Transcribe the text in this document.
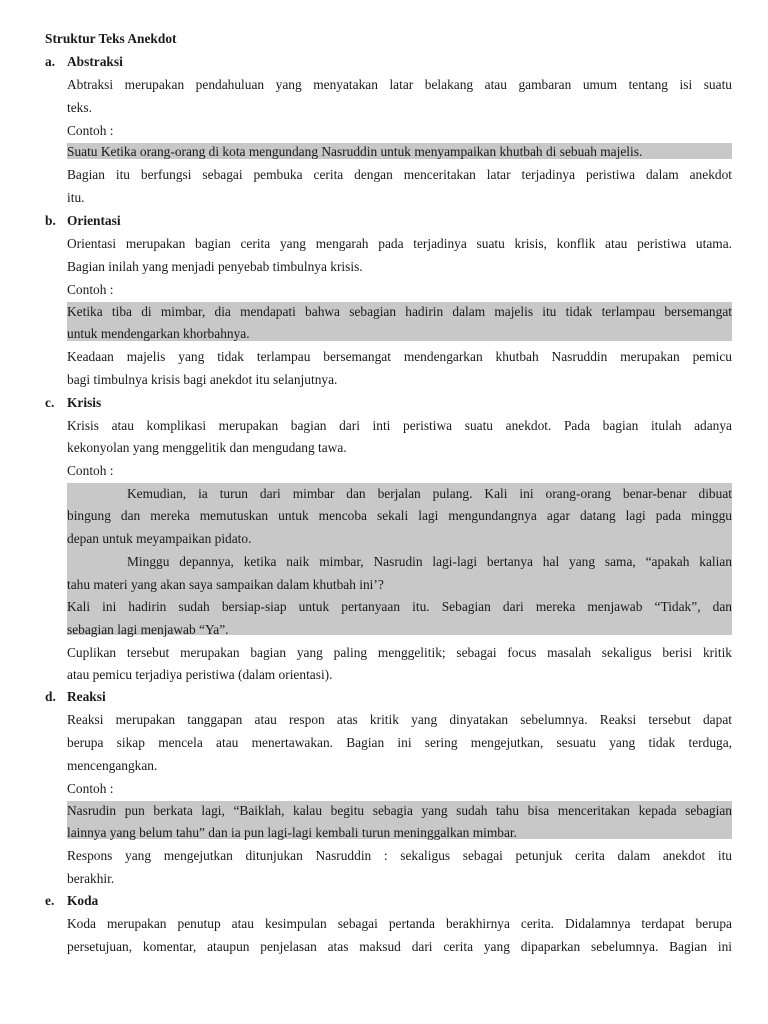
Struktur Teks Anekdot
a. Abstraksi
Abtraksi merupakan pendahuluan yang menyatakan latar belakang atau gambaran umum tentang isi suatu
teks.
Contoh :
Suatu Ketika orang-orang di kota mengundang Nasruddin untuk menyampaikan khutbah di sebuah majelis.
Bagian itu berfungsi sebagai pembuka cerita dengan menceritakan latar terjadinya peristiwa dalam anekdot
itu.
b. Orientasi
Orientasi merupakan bagian cerita yang mengarah pada terjadinya suatu krisis, konflik atau peristiwa utama.
Bagian inilah yang menjadi penyebab timbulnya krisis.
Contoh :
Ketika tiba di mimbar, dia mendapati bahwa sebagian hadirin dalam majelis itu tidak terlampau bersemangat
untuk mendengarkan khorbahnya.
Keadaan majelis yang tidak terlampau bersemangat mendengarkan khutbah Nasruddin merupakan pemicu
bagi timbulnya krisis bagi anekdot itu selanjutnya.
c. Krisis
Krisis atau komplikasi merupakan bagian dari inti peristiwa suatu anekdot. Pada bagian itulah adanya
kekonyolan yang menggelitik dan mengudang tawa.
Contoh :
Kemudian, ia turun dari mimbar dan berjalan pulang. Kali ini orang-orang benar-benar dibuat
bingung dan mereka memutuskan untuk mencoba sekali lagi mengundangnya agar datang lagi pada minggu
depan untuk meyampaikan pidato.
Minggu depannya, ketika naik mimbar, Nasrudin lagi-lagi bertanya hal yang sama, “apakah kalian
tahu materi yang akan saya sampaikan dalam khutbah ini’?
Kali ini hadirin sudah bersiap-siap untuk pertanyaan itu. Sebagian dari mereka menjawab “Tidak”, dan
sebagian lagi menjawab “Ya”.
Cuplikan tersebut merupakan bagian yang paling menggelitik; sebagai focus masalah sekaligus berisi kritik
atau pemicu terjadiya peristiwa (dalam orientasi).
d. Reaksi
Reaksi merupakan tanggapan atau respon atas kritik yang dinyatakan sebelumnya. Reaksi tersebut dapat
berupa sikap mencela atau menertawakan. Bagian ini sering mengejutkan, sesuatu yang tidak terduga,
mencengangkan.
Contoh :
Nasrudin pun berkata lagi, “Baiklah, kalau begitu sebagia yang sudah tahu bisa menceritakan kepada sebagian
lainnya yang belum tahu” dan ia pun lagi-lagi kembali turun meninggalkan mimbar.
Respons yang mengejutkan ditunjukan Nasruddin : sekaligus sebagai petunjuk cerita dalam anekdot itu
berakhir.
e. Koda
Koda merupakan penutup atau kesimpulan sebagai pertanda berakhirnya cerita. Didalamnya terdapat berupa
persetujuan, komentar, ataupun penjelasan atas maksud dari cerita yang dipaparkan sebelumnya. Bagian ini
